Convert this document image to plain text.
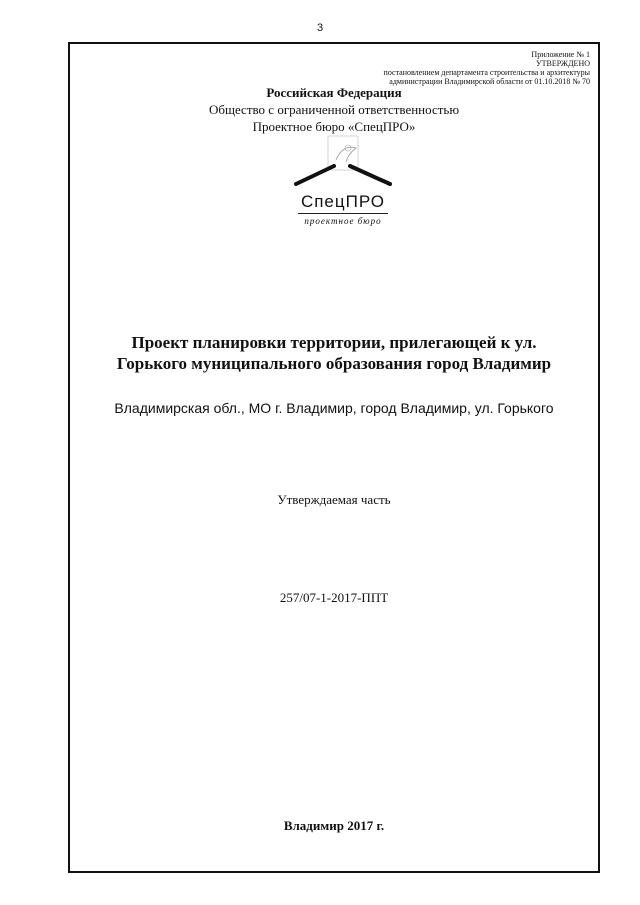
3
Приложение № 1
УТВЕРЖДЕНО
постановлением департамента строительства и архитектуры
администрации Владимирской области от 01.10.2018 № 70
Российская Федерация
Общество с ограниченной ответственностью
Проектное бюро «СпецПРО»
СпецПРО
проектное бюро
Проект планировки территории, прилегающей к ул.
Горького муниципального образования город Владимир
Владимирская обл., МО г. Владимир, город Владимир, ул. Горького
Утверждаемая часть
257/07-1-2017-ППТ
Владимир 2017 г.
